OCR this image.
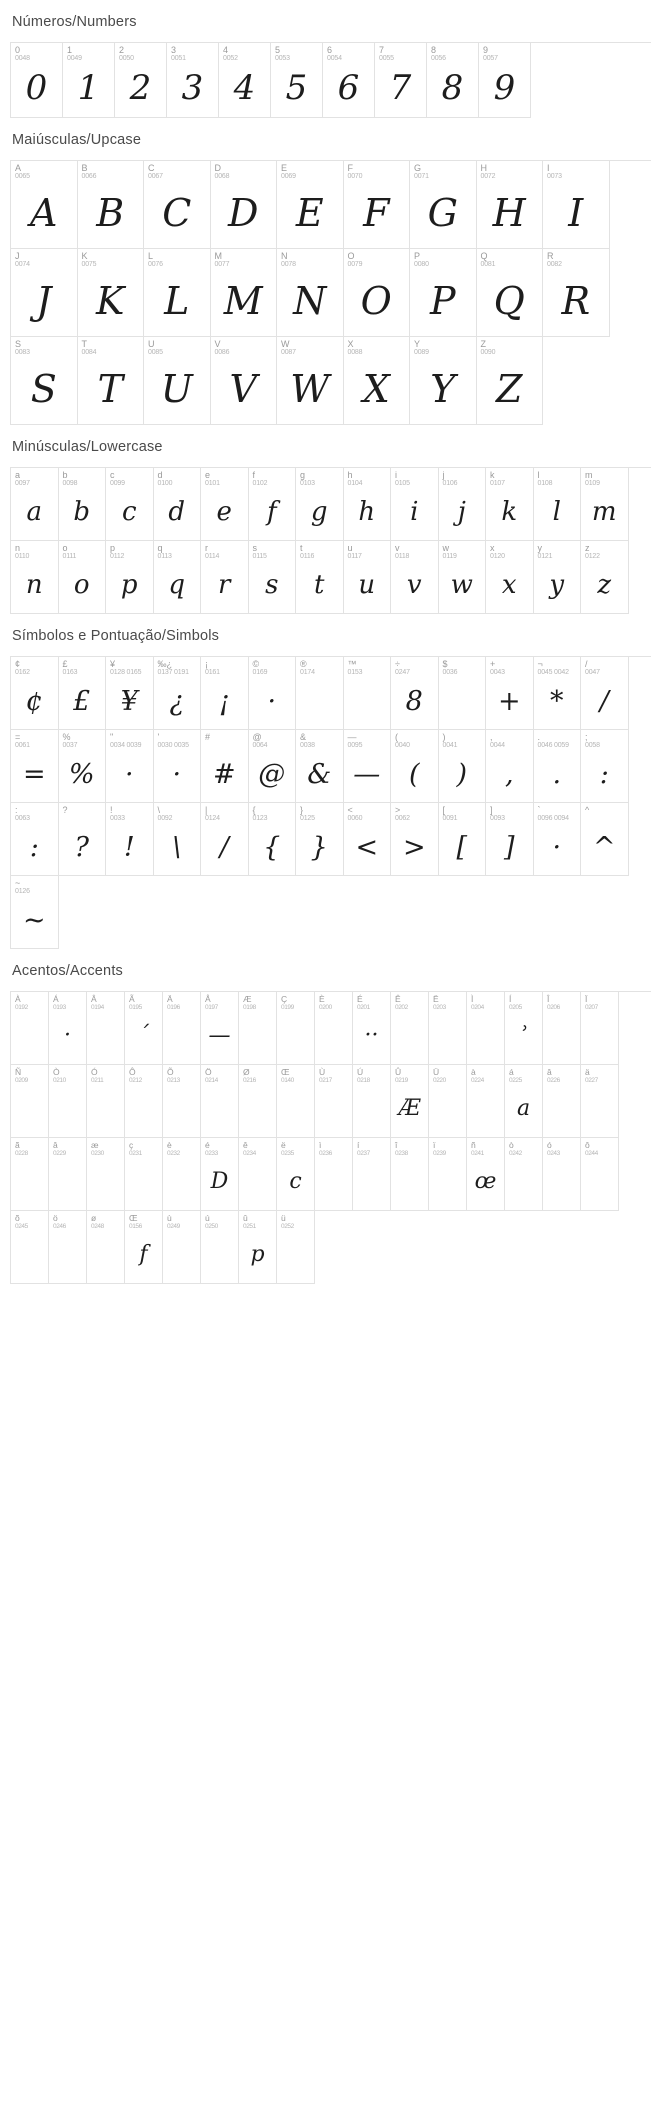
Números/Numbers
0
0048
0
1
0049
1
2
0050
2
3
0051
3
4
0052
4
5
0053
5
6
0054
6
7
0055
7
8
0056
8
9
0057
9
Maiúsculas/Upcase
A
0065
A
B
0066
B
C
0067
C
D
0068
D
E
0069
E
F
0070
F
G
0071
G
H
0072
H
I
0073
I
J
0074
J
K
0075
K
L
0076
L
M
0077
M
N
0078
N
O
0079
O
P
0080
P
Q
0081
Q
R
0082
R
S
0083
S
T
0084
T
U
0085
U
V
0086
V
W
0087
W
X
0088
X
Y
0089
Y
Z
0090
Z
Minúsculas/Lowercase
a
0097
a
b
0098
b
c
0099
c
d
0100
d
e
0101
e
f
0102
f
g
0103
g
h
0104
h
i
0105
i
j
0106
j
k
0107
k
l
0108
l
m
0109
m
n
0110
n
o
0111
o
p
0112
p
q
0113
q
r
0114
r
s
0115
s
t
0116
t
u
0117
u
v
0118
v
w
0119
w
x
0120
x
y
0121
y
z
0122
z
Símbolos e Pontuação/Simbols
¢
0162
¢
£
0163
£
¥
0128 0165
¥
‰¿
0137 0191
¿
¡
0161
¡
©
0169
·
®
0174
™
0153
÷
0247
8
$
0036
+
0043
+
¬
0045 0042
*
/
0047
/
=
0061
=
%
0037
%
"
0034 0039
·
'
0030 0035
·
#
#
@
0064
@
&
0038
&
—
0095
—
(
0040
(
)
0041
)
,
0044
,
.
0046 0059
.
;
0058
:
:
0063
:
?
?
!
0033
!
\
0092
\
|
0124
/
{
0123
{
}
0125
}
<
0060
<
>
0062
>
[
0091
[
]
0093
]
`
0096 0094
·
^
^
~
0126
~
Acentos/Accents
À
0192
Á
0193
·
Â
0194
Ã
0195
´
Ä
0196
Å
0197
—
Æ
0198
Ç
0199
È
0200
É
0201
··
Ê
0202
Ë
0203
Ì
0204
Í
0205
ʾ
Î
0206
Ï
0207
Ñ
0209
Ò
0210
Ó
0211
Ô
0212
Õ
0213
Ö
0214
Ø
0216
Œ
0140
Ù
0217
Ú
0218
Û
0219
Æ
Ü
0220
à
0224
á
0225
a
â
0226
ä
0227
ã
0228
â
0229
æ
0230
ç
0231
è
0232
é
0233
D
ê
0234
ë
0235
c
ì
0236
í
0237
î
0238
ï
0239
ñ
0241
œ
ò
0242
ó
0243
ô
0244
õ
0245
ö
0246
ø
0248
Œ
0156
f
ù
0249
ú
0250
û
0251
p
ü
0252
